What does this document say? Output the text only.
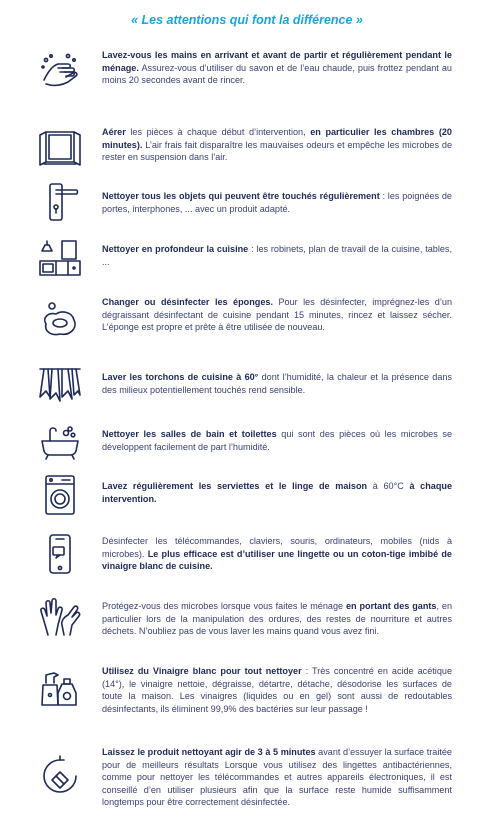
« Les attentions qui font la différence »
Lavez-vous les mains en arrivant et avant de partir et régulièrement pendant le ménage. Assurez-vous d’utiliser du savon et de l’eau chaude, puis frottez pendant au moins 20 secondes avant de rincer.
Aérer les pièces à chaque début d’intervention, en particulier les chambres (20 minutes). L’air frais fait disparaître les mauvaises odeurs et empêche les microbes de rester en suspension dans l’air.
Nettoyer tous les objets qui peuvent être touchés régulièrement : les poignées de portes, interphones, ... avec un produit adapté.
Nettoyer en profondeur la cuisine : les robinets, plan de travail de la cuisine, tables, ...
Changer ou désinfecter les éponges. Pour les désinfecter, imprégnez-les d’un dégraissant désinfectant de cuisine pendant 15 minutes, rincez et laissez sécher. L’éponge est propre et prête à être utilisée de nouveau.
Laver les torchons de cuisine à 60° dont l’humidité, la chaleur et la présence dans des milieux potentiellement touchés rend sensible.
Nettoyer les salles de bain et toilettes qui sont des pièces où les microbes se développent facilement de part l’humidité.
Lavez régulièrement les serviettes et le linge de maison à 60°C à chaque intervention.
Désinfecter les télécommandes, claviers, souris, ordinateurs, mobiles (nids à microbes). Le plus efficace est d’utiliser une lingette ou un coton-tige imbibé de vinaigre blanc de cuisine.
Protégez-vous des microbes lorsque vous faites le ménage en portant des gants, en particulier lors de la manipulation des ordures, des restes de nourriture et autres déchets. N’oubliez pas de vous laver les mains quand vous avez fini.
Utilisez du Vinaigre blanc pour tout nettoyer : Très concentré en acide acétique (14°), le vinaigre nettoie, dégraisse, détartre, détache, désodorise les surfaces de toute la maison. Les vinaigres (liquides ou en gel) sont aussi de redoutables désinfectants, ils éliminent 99,9% des bactéries sur leur passage !
Laissez le produit nettoyant agir de 3 à 5 minutes avant d’essuyer la surface traitée pour de meilleurs résultats Lorsque vous utilisez des lingettes antibactériennes, comme pour nettoyer les télécommandes et autres appareils électroniques, il est conseillé d’en utiliser plusieurs afin que la surface reste humide suffisamment longtemps pour être correctement désinfectée.
